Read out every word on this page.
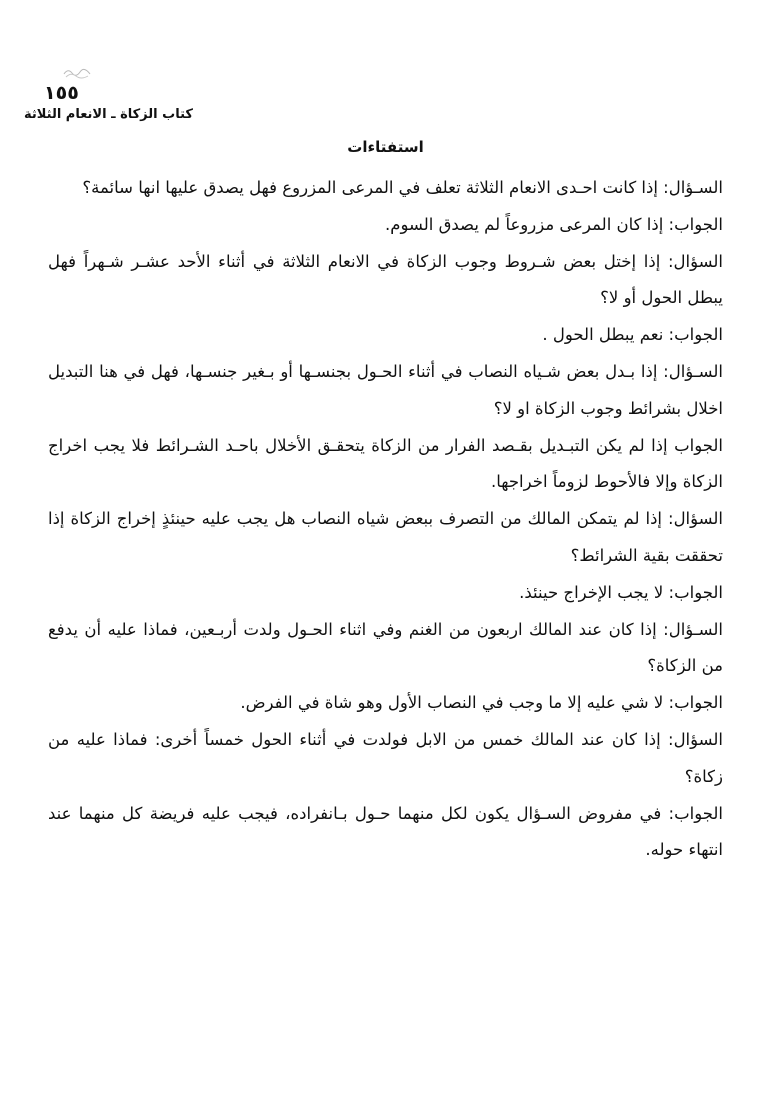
١٥٥
كتاب الزكاة ـ الانعام الثلاثة
استفتاءات

السـؤال: إذا كانت احـدى الانعام الثلاثة تعلف في المرعى المزروع فهل يصدق عليها انها سائمة؟

الجواب: إذا كان المرعى مزروعاً لم يصدق السوم.

السؤال: إذا إختل بعض شـروط وجوب الزكاة في الانعام الثلاثة في أثناء الأحد عشـر شـهراً فهل يبطل الحول أو لا؟

الجواب: نعم يبطل الحول .

السـؤال: إذا بـدل بعض شـياه النصاب في أثناء الحـول بجنسـها أو بـغير جنسـها، فهل في هنا التبديل اخلال بشرائط وجوب الزكاة او لا؟

الجواب إذا لم يكن التبـديل بقـصد الفرار من الزكاة يتحقـق الأخلال باحـد الشـرائط فلا يجب اخراج الزكاة وإلا فالأحوط لزوماً اخراجها.

السؤال: إذا لم يتمكن المالك من التصرف ببعض شياه النصاب هل يجب عليه حينئذٍ إخراج الزكاة إذا تحققت بقية الشرائط؟

الجواب: لا يجب الإخراج حينئذ.

السـؤال: إذا كان عند المالك اربعون من الغنم وفي اثناء الحـول ولدت أربـعين، فماذا عليه أن يدفع من الزكاة؟

الجواب: لا شي عليه إلا ما وجب في النصاب الأول وهو شاة في الفرض.

السؤال: إذا كان عند المالك خمس من الابل فولدت في أثناء الحول خمساً أخرى: فماذا عليه من زكاة؟

الجواب: في مفروض السـؤال يكون لكل منهما حـول بـانفراده، فيجب عليه فريضة كل منهما عند انتهاء حوله.
